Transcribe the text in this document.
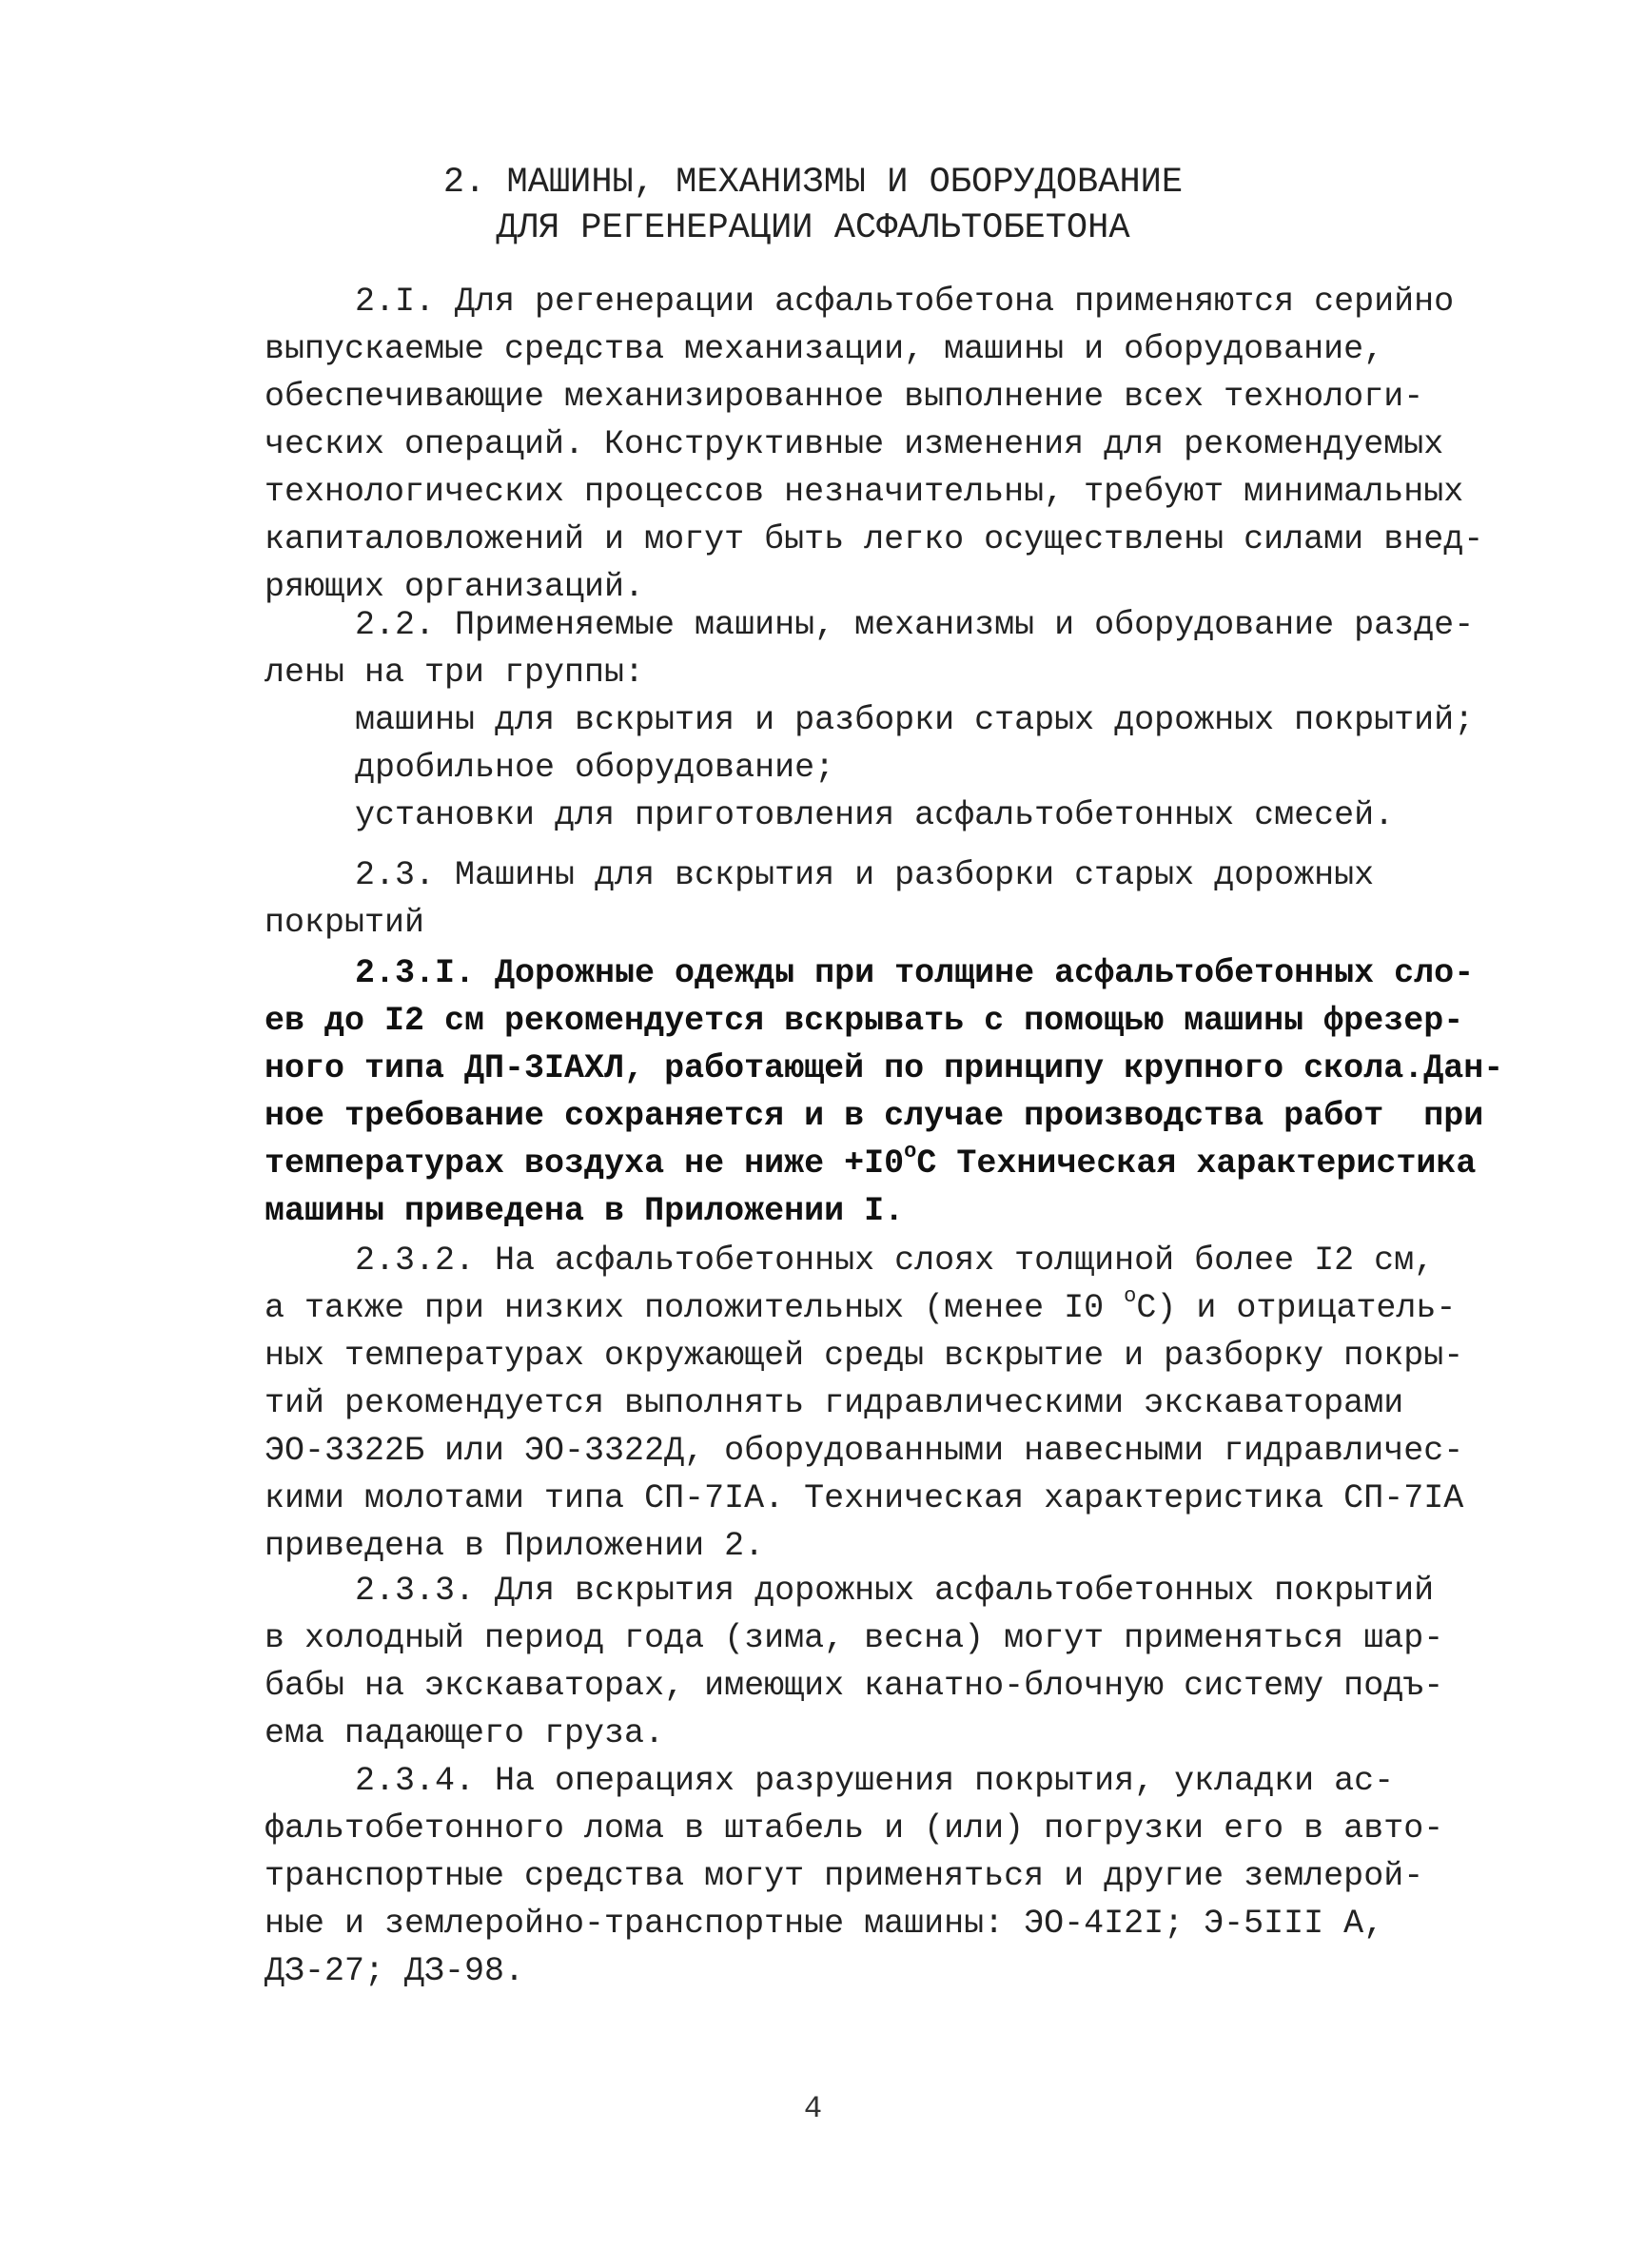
2. МАШИНЫ, МЕХАНИЗМЫ И ОБОРУДОВАНИЕ
ДЛЯ РЕГЕНЕРАЦИИ АСФАЛЬТОБЕТОНА
2.I. Для регенерации асфальтобетона применяются серийно
выпускаемые средства механизации, машины и оборудование,
обеспечивающие механизированное выполнение всех технологи-
ческих операций. Конструктивные изменения для рекомендуемых
технологических процессов незначительны, требуют минимальных
капиталовложений и могут быть легко осуществлены силами внед-
ряющих организаций.
2.2. Применяемые машины, механизмы и оборудование разде-
лены на три группы:
машины для вскрытия и разборки старых дорожных покрытий;
дробильное оборудование;
установки для приготовления асфальтобетонных смесей.
2.3. Машины для вскрытия и разборки старых дорожных
покрытий
2.3.I. Дорожные одежды при толщине асфальтобетонных сло-
ев до I2 см рекомендуется вскрывать с помощью машины фрезер-
ного типа ДП-3IАХЛ, работающей по принципу крупного скола.Дан-
ное требование сохраняется и в случае производства работ  при
температурах воздуха не ниже $+I0^оС$ Техническая характеристика
машины приведена в Приложении I.
2.3.2. На асфальтобетонных слоях толщиной более I2 см,
а также при низких положительных (менее I0 $^о$С) и отрицатель-
ных температурах окружающей среды вскрытие и разборку покры-
тий рекомендуется выполнять гидравлическими экскаваторами
ЭО-3322Б или ЭО-3322Д, оборудованными навесными гидравличес-
кими молотами типа СП-7IА. Техническая характеристика СП-7IА
приведена в Приложении 2.
2.3.3. Для вскрытия дорожных асфальтобетонных покрытий
в холодный период года (зима, весна) могут применяться шар-
бабы на экскаваторах, имеющих канатно-блочную систему подъ-
ема падающего груза.
2.3.4. На операциях разрушения покрытия, укладки ас-
фальтобетонного лома в штабель и (или) погрузки его в авто-
транспортные средства могут применяться и другие землерой-
ные и землеройно-транспортные машины: ЭО-4I2I; Э-5III А,
ДЗ-27; ДЗ-98.
4
